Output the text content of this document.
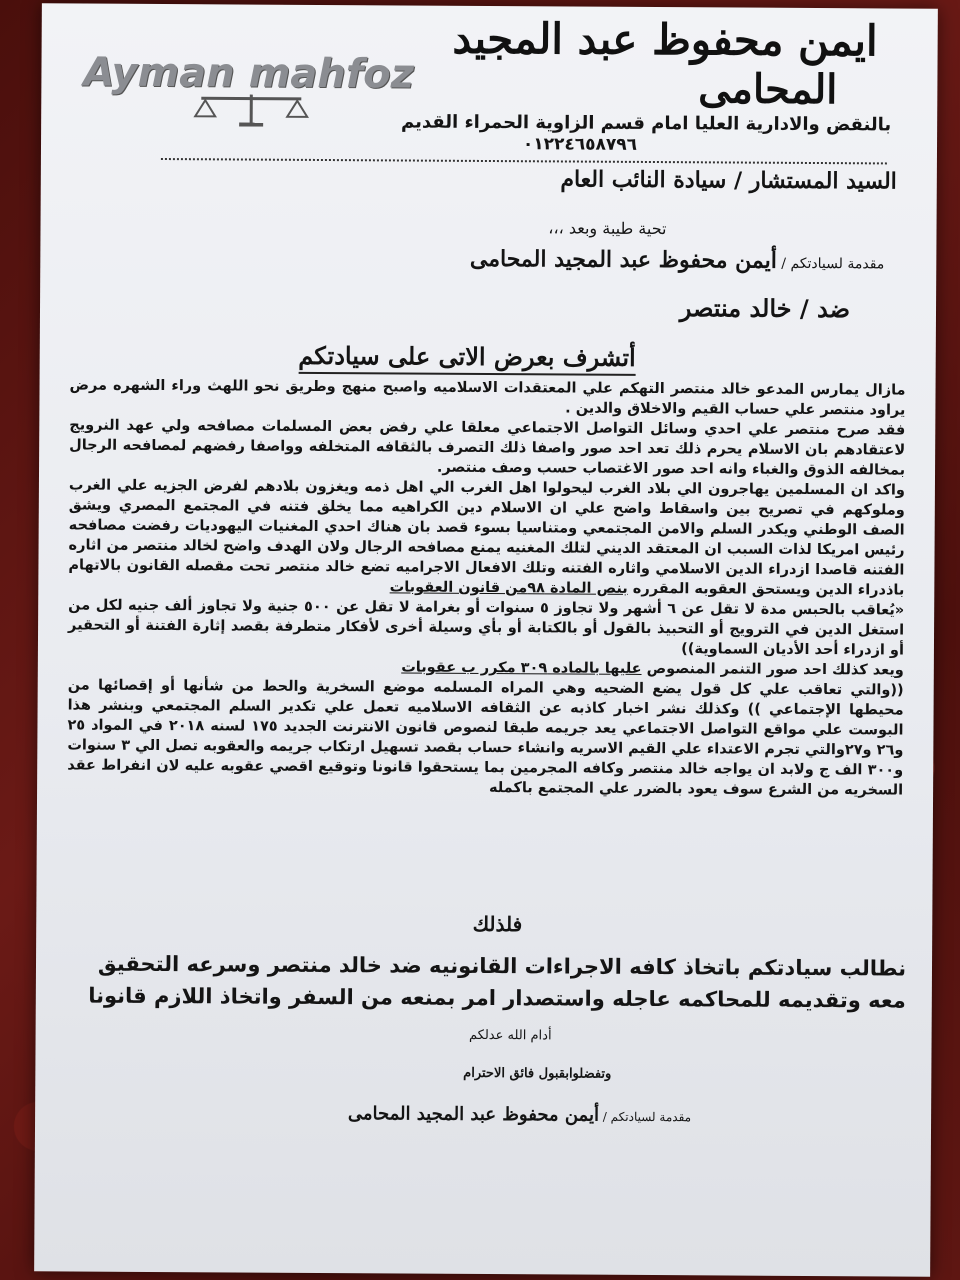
ايمن محفوظ عبد المجيد
المحامى
Ayman mahfoz
بالنقض والادارية العليا امام قسم الزاوية الحمراء القديم
٠١٢٢٤٦٥٨٧٩٦
السيد المستشار / سيادة النائب العام
تحية طيبة وبعد ،،،
مقدمة لسيادتكم / أيمن محفوظ عبد المجيد المحامى
ضد / خالد منتصر
أتشرف بعرض الاتى على سيادتكم

مازال يمارس المدعو خالد منتصر التهكم علي المعتقدات الاسلاميه واصبح منهج وطريق نحو اللهث وراء الشهره مرض يراود منتصر علي حساب القيم والاخلاق والدين .

فقد صرح منتصر علي احدي وسائل التواصل الاجتماعي معلقا علي رفض بعض المسلمات مصافحه ولي عهد النرويج لاعتقادهم بان الاسلام يحرم ذلك تعد احد صور واصفا ذلك التصرف بالثقافه المتخلفه وواصفا رفضهم لمصافحه الرجال بمخالفه الذوق والغباء وانه احد صور الاغتصاب حسب وصف منتصر.

واكد ان المسلمين يهاجرون الي بلاد الغرب ليحولوا اهل الغرب الي اهل ذمه ويغزون بلادهم لفرض الجزيه علي الغرب وملوكهم في تصريح بين واسقاط واضح علي ان الاسلام دين الكراهيه مما يخلق فتنه في المجتمع المصري ويشق الصف الوطني ويكدر السلم والامن المجتمعي ومتناسيا بسوء قصد بان هناك احدي المغنيات اليهوديات رفضت مصافحه رئيس امريكا لذات السبب ان المعتقد الديني لتلك المغنيه يمنع مصافحه الرجال ولان الهدف واضح لخالد منتصر من اثاره الفتنه قاصدا ازدراء الدين الاسلامي واثاره الفتنه وتلك الافعال الاجراميه تضع خالد منتصر تحت مقصله القانون بالاتهام باذدراء الدين ويستحق العقوبه المقرره بنص المادة ٩٨من قانون العقوبات

«يُعاقب بالحبس مدة لا تقل عن ٦ أشهر ولا تجاوز ٥ سنوات أو بغرامة لا تقل عن ٥٠٠ جنية ولا تجاوز ألف جنيه لكل من استغل الدين في الترويج أو التحبيذ بالقول أو بالكتابة أو بأي وسيلة أخرى لأفكار متطرفة بقصد إثارة الفتنة أو التحقير أو ازدراء أحد الأديان السماوية))

ويعد كذلك احد صور التنمر المنصوص عليها بالماده ٣٠٩ مكرر ب عقوبات

((والتي تعاقب علي كل قول يضع الضحيه وهي المراه المسلمه موضع السخرية والحط من شأنها أو إقصائها من محيطها الإجتماعي )) وكذلك نشر اخبار كاذبه عن الثقافه الاسلاميه تعمل علي تكدير السلم المجتمعي وبنشر هذا البوست علي مواقع التواصل الاجتماعي يعد جريمه طبقا لنصوص قانون الانترنت الجديد ١٧٥ لسنه ٢٠١٨ في المواد ٢٥ و٢٦ و٢٧والتي تجرم الاعتداء علي القيم الاسريه وانشاء حساب بقصد تسهيل ارتكاب جريمه والعقوبه تصل الي ٣ سنوات و٣٠٠ الف ج ولابد ان يواجه خالد منتصر وكافه المجرمين بما يستحقوا قانونا وتوقيع اقصي عقوبه عليه لان انفراط عقد السخريه من الشرع سوف يعود بالضرر علي المجتمع باكمله

فلذلك
نطالب سيادتكم باتخاذ كافه الاجراءات القانونيه ضد خالد منتصر وسرعه التحقيق معه وتقديمه للمحاكمه عاجله واستصدار امر بمنعه من السفر واتخاذ اللازم قانونا
أدام الله عدلكم
وتفضلوابقبول فائق الاحترام
مقدمة لسيادتكم / أيمن محفوظ عبد المجيد المحامى
